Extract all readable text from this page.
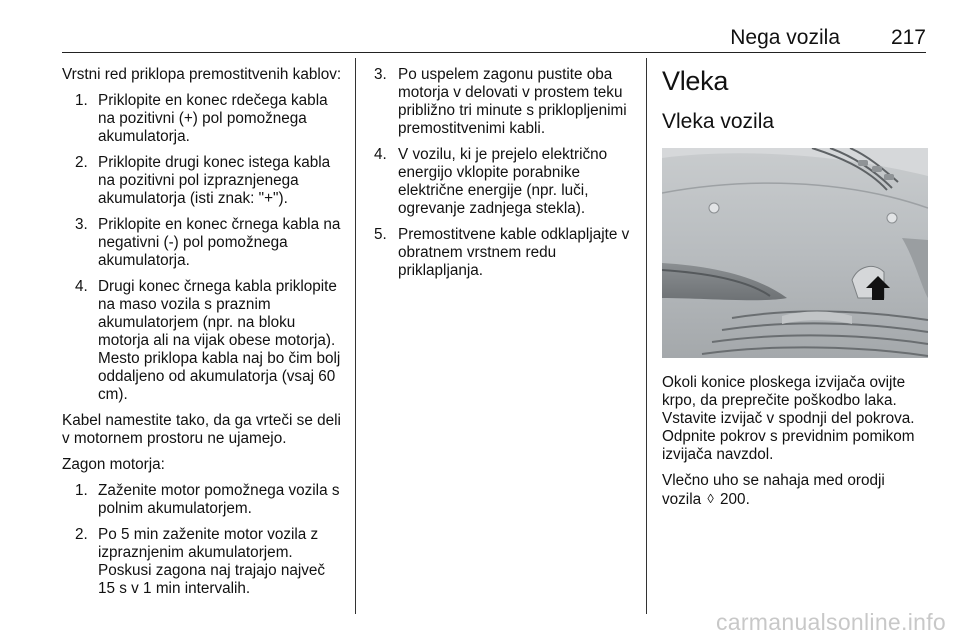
Nega vozila 217

Vrstni red priklopa premostitvenih kablov:

1. Priklopite en konec rdečega kabla na pozitivni (+) pol pomožnega akumulatorja.
2. Priklopite drugi konec istega kabla na pozitivni pol izpraznjenega akumulatorja (isti znak: "+").
3. Priklopite en konec črnega kabla na negativni (-) pol pomožnega akumulatorja.
4. Drugi konec črnega kabla priklopite na maso vozila s praznim akumulatorjem (npr. na bloku motorja ali na vijak obese motorja). Mesto priklopa kabla naj bo čim bolj oddaljeno od akumulatorja (vsaj 60 cm).

Kabel namestite tako, da ga vrteči se deli v motornem prostoru ne ujamejo.

Zagon motorja:

1. Zaženite motor pomožnega vozila s polnim akumulatorjem.
2. Po 5 min zaženite motor vozila z izpraznjenim akumulatorjem. Poskusi zagona naj trajajo največ 15 s v 1 min intervalih.
3. Po uspelem zagonu pustite oba motorja v delovati v prostem teku približno tri minute s priklopljenimi premostitvenimi kabli.
4. V vozilu, ki je prejelo električno energijo vklopite porabnike električne energije (npr. luči, ogrevanje zadnjega stekla).
5. Premostitvene kable odklapljajte v obratnem vrstnem redu priklapljanja.
Vleka
Vleka vozila

Okoli konice ploskega izvijača ovijte krpo, da preprečite poškodbo laka. Vstavite izvijač v spodnji del pokrova. Odpnite pokrov s previdnim pomikom izvijača navzdol.

Vlečno uho se nahaja med orodji vozila ◊ 200.

carmanualsonline.info
